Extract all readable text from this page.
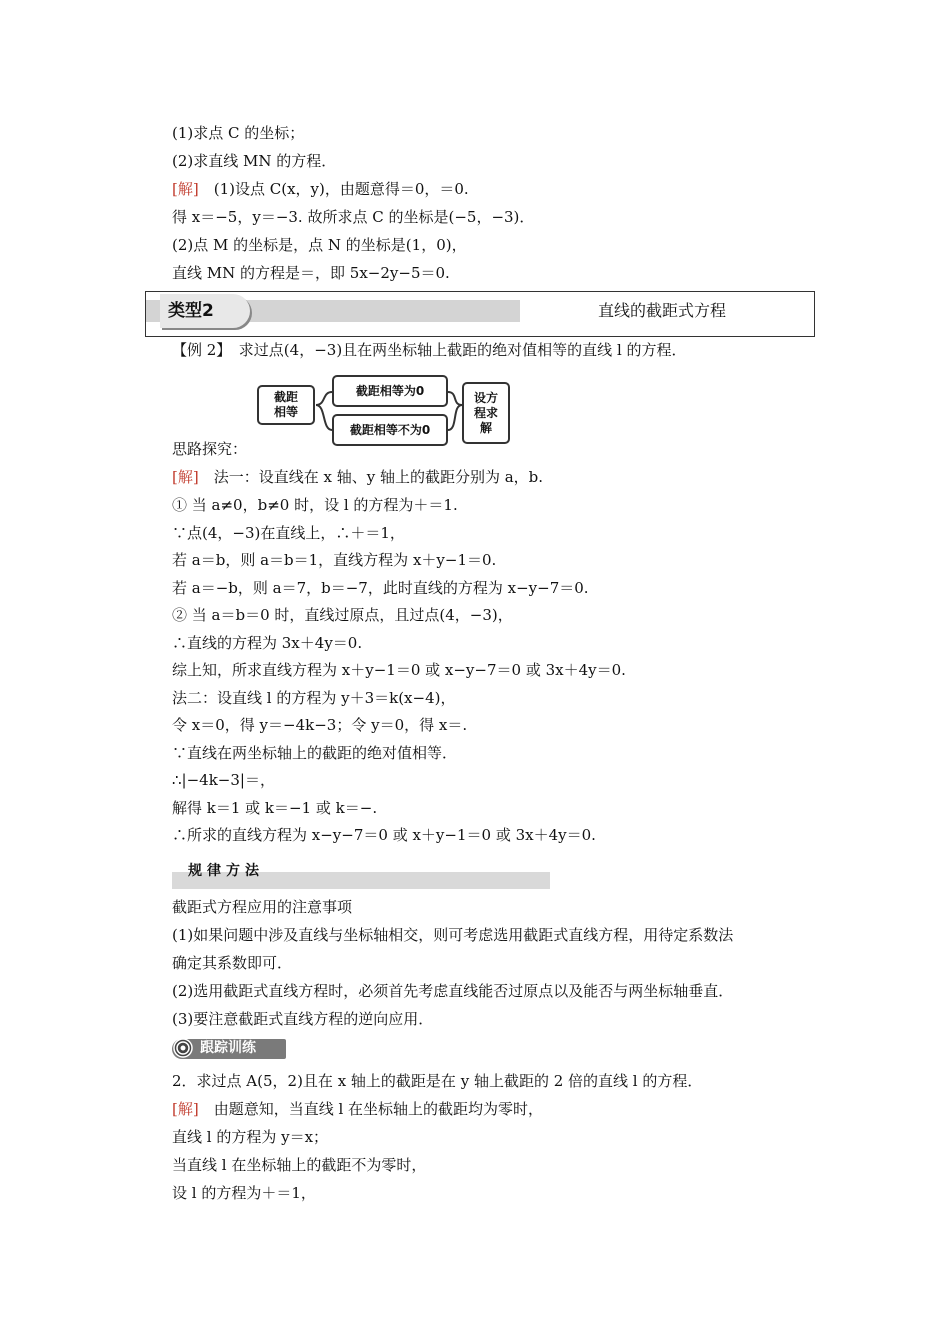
(1)求点 C 的坐标；
(2)求直线 MN 的方程．
[解]　(1)设点 C(x，y)，由题意得＝0，＝0.
得 x＝−5，y＝−3. 故所求点 C 的坐标是(−5，−3)．
(2)点 M 的坐标是，点 N 的坐标是(1，0)，
直线 MN 的方程是＝，即 5x−2y−5＝0.
类型2	直线的截距式方程
【例 2】　求过点(4，−3)且在两坐标轴上截距的绝对值相等的直线 l 的方程．
截距
相等
截距相等为0
截距相等不为0
设方
程求
解
思路探究：
[解]　法一：设直线在 x 轴、y 轴上的截距分别为 a，b.
① 当 a≠0，b≠0 时，设 l 的方程为＋＝1.
∵点(4，−3)在直线上，∴＋＝1，
若 a＝b，则 a＝b＝1，直线方程为 x＋y−1＝0.
若 a＝−b，则 a＝7，b＝−7，此时直线的方程为 x−y−7＝0.
② 当 a＝b＝0 时，直线过原点，且过点(4，−3)，
∴直线的方程为 3x＋4y＝0.
综上知，所求直线方程为 x＋y−1＝0 或 x−y−7＝0 或 3x＋4y＝0.
法二：设直线 l 的方程为 y＋3＝k(x−4)，
令 x＝0，得 y＝−4k−3；令 y＝0，得 x＝.
∵直线在两坐标轴上的截距的绝对值相等．
∴|−4k−3|＝，
解得 k＝1 或 k＝−1 或 k＝−.
∴所求的直线方程为 x−y−7＝0 或 x＋y−1＝0 或 3x＋4y＝0.
规律方法
截距式方程应用的注意事项
(1)如果问题中涉及直线与坐标轴相交，则可考虑选用截距式直线方程，用待定系数法
确定其系数即可．
(2)选用截距式直线方程时，必须首先考虑直线能否过原点以及能否与两坐标轴垂直．
(3)要注意截距式直线方程的逆向应用．
跟踪训练
2．求过点 A(5，2)且在 x 轴上的截距是在 y 轴上截距的 2 倍的直线 l 的方程．
[解]　由题意知，当直线 l 在坐标轴上的截距均为零时，
直线 l 的方程为 y＝x；
当直线 l 在坐标轴上的截距不为零时，
设 l 的方程为＋＝1，
